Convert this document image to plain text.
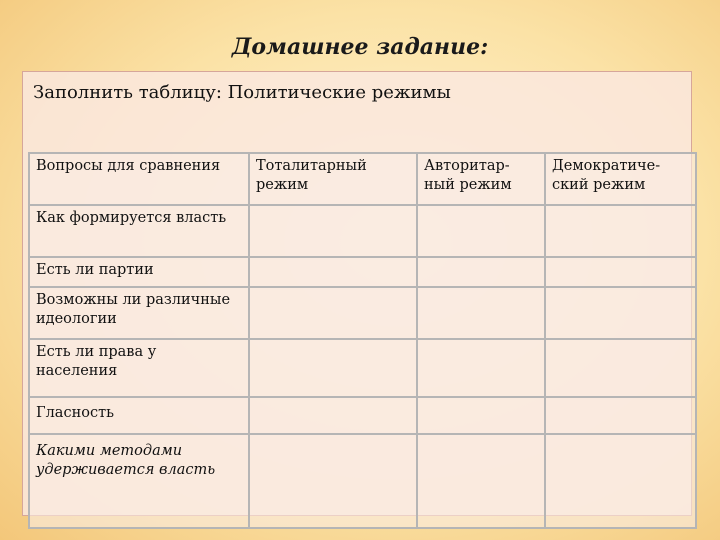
Домашнее задание:

Заполнить таблицу: Политические режимы

Вопросы для сравнения	Тоталитарный режим	Авторитар-ный режим	Демократиче-ский режим
Как формируется власть			
Есть ли партии			
Возможны ли различные идеологии			
Есть ли права у населения			
Гласность			
Какими методами удерживается власть			
